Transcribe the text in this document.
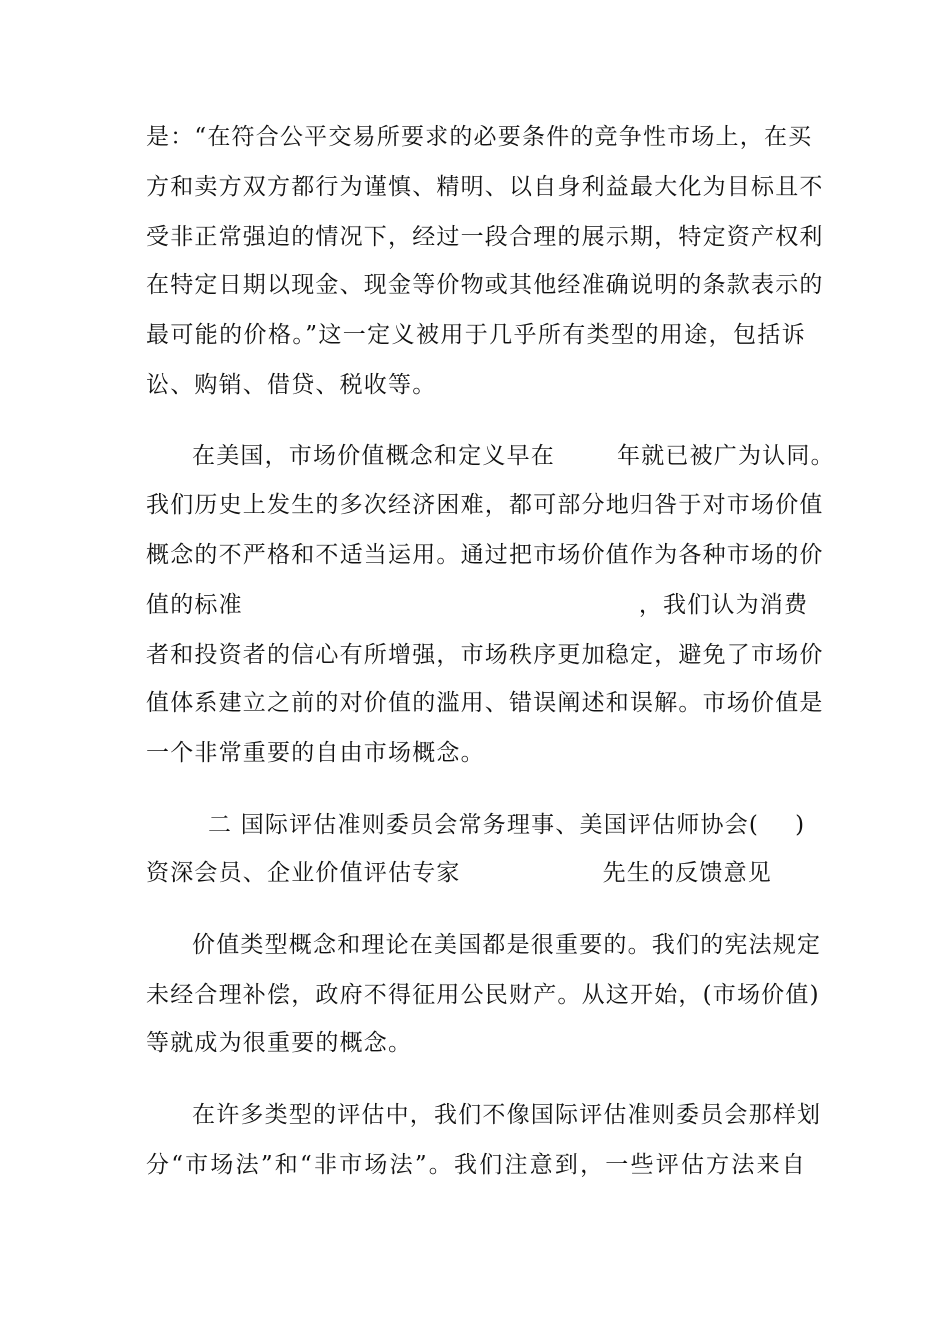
是：“在符合公平交易所要求的必要条件的竞争性市场上，在买
方和卖方双方都行为谨慎、精明、以自身利益最大化为目标且不
受非正常强迫的情况下，经过一段合理的展示期，特定资产权利
在特定日期以现金、现金等价物或其他经准确说明的条款表示的
最可能的价格。”这一定义被用于几乎所有类型的用途，包括诉
讼、购销、借贷、税收等。
在美国，市场价值概念和定义早在	年就已被广为认同。
我们历史上发生的多次经济困难，都可部分地归咎于对市场价值
概念的不严格和不适当运用。通过把市场价值作为各种市场的价
值的标准	，我们认为消费
者和投资者的信心有所增强，市场秩序更加稳定，避免了市场价
值体系建立之前的对价值的滥用、错误阐述和误解。市场价值是
一个非常重要的自由市场概念。
二 国际评估准则委员会常务理事、美国评估师协会( )
资深会员、企业价值评估专家	先生的反馈意见
价值类型概念和理论在美国都是很重要的。我们的宪法规定
未经合理补偿，政府不得征用公民财产。从这开始，(市场价值)
等就成为很重要的概念。
在许多类型的评估中，我们不像国际评估准则委员会那样划
分“市场法”和“非市场法”。我们注意到，一些评估方法来自
